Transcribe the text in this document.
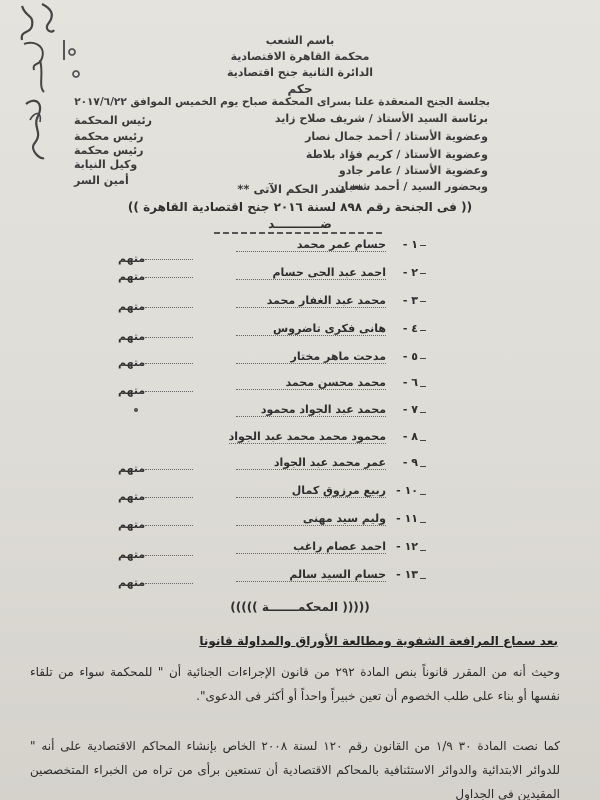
باسم الشعب
محكمة القاهرة الاقتصادية
الدائرة الثانية جنح اقتصادية
حكم
بجلسة الجنح المنعقدة علنا بسراى المحكمة صباح يوم الخميس الموافق ٢٠١٧/٦/٢٢
برئاسة السيد الأستاذ / شريف صلاح زايد
رئيس المحكمة
وعضوية الأستاذ / أحمد جمال نصار
رئيس محكمة
وعضوية الأستاذ / كريم فؤاد بلاطة
رئيس محكمة
وعضوية الأستاذ / عامر جادو
وكيل النيابة
وبحضور السيد / أحمد شعبان
أمين السر
** صدر الحكم الآتى **
(( فى الجنحة رقم ٨٩٨ لسنة ٢٠١٦ جنح اقتصادية القاهرة ))
ضـــــــــــد
١ -حسام عمر محمد
متهم
٢ -احمد عبد الحى حسام
متهم
٣ -محمد عبد الغفار محمد
متهم
٤ -هانى فكرى تاضروس
متهم
٥ -مدحت ماهر مختار
متهم
٦ -محمد محسن محمد
متهم
٧ -محمد عبد الجواد محمود
٨ -محمود محمد محمد عبد الجواد
٩ -عمر محمد عبد الجواد
متهم
١٠ -ربيع مرزوق كمال
متهم
١١ -وليم سيد مهنى
متهم
١٢ -احمد عصام راغب
متهم
١٣ -حسام السيد سالم
متهم
((((( المحكمـــــــة )))))
بعد سماع المرافعة الشفوية ومطالعة الأوراق والمداولة قانونا
وحيث أنه من المقرر قانوناً بنص المادة ٢٩٢ من قانون الإجراءات الجنائية أن " للمحكمة سواء من تلقاء نفسها أو بناء على طلب الخصوم أن تعين خبيراً واحداً أو أكثر فى الدعوى".
كما نصت المادة ٣٠ ١/٩ من القانون رقم ١٢٠ لسنة ٢٠٠٨ الخاص بإنشاء المحاكم الاقتصادية على أنه " للدوائر الابتدائية والدوائر الاستئنافية بالمحاكم الاقتصادية أن تستعين برأى من تراه من الخبراء المتخصصين المقيدين فى الجداول
